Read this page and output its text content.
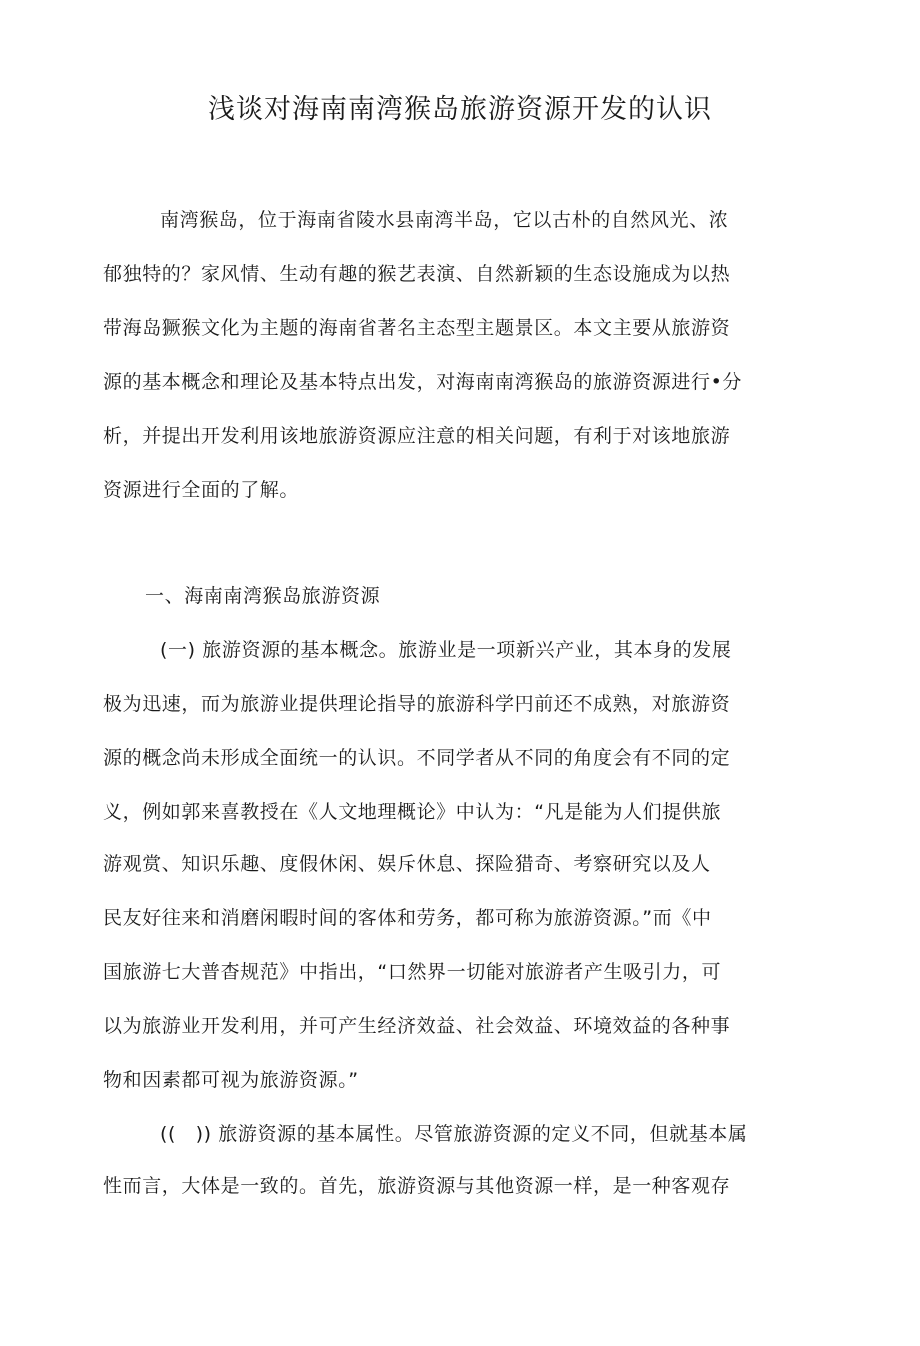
浅谈对海南南湾猴岛旅游资源开发的认识
南湾猴岛，位于海南省陵水县南湾半岛，它以古朴的自然风光、浓
郁独特的？家风情、生动有趣的猴艺表演、自然新颖的生态设施成为以热
带海岛獗猴文化为主题的海南省著名主态型主题景区。本文主要从旅游资
源的基本概念和理论及基本特点出发，对海南南湾猴岛的旅游资源进行•分
析，并提出开发利用该地旅游资源应注意的相关问题，有利于对该地旅游
资源进行全面的了解。
一、海南南湾猴岛旅游资源
(一) 旅游资源的基本概念。旅游业是一项新兴产业，其本身的发展
极为迅速，而为旅游业提供理论指导的旅游科学円前还不成熟，对旅游资
源的概念尚未形成全面统一的认识。不同学者从不同的角度会有不同的定
义，例如郭来喜教授在《人文地理概论》中认为：“凡是能为人们提供旅
游观赏、知识乐趣、度假休闲、娱斥休息、探险猎奇、考察研究以及人
民友好往来和消磨闲暇时间的客体和劳务，都可称为旅游资源。”而《中
国旅游七大普杳规范》中指出，“口然界一切能对旅游者产生吸引力，可
以为旅游业开发利用，并可产生经济效益、社会效益、环境效益的各种事
物和因素都可视为旅游资源。”
((　)) 旅游资源的基本属性。尽管旅游资源的定义不同，但就基本属
性而言，大体是一致的。首先，旅游资源与其他资源一样，是一种客观存
